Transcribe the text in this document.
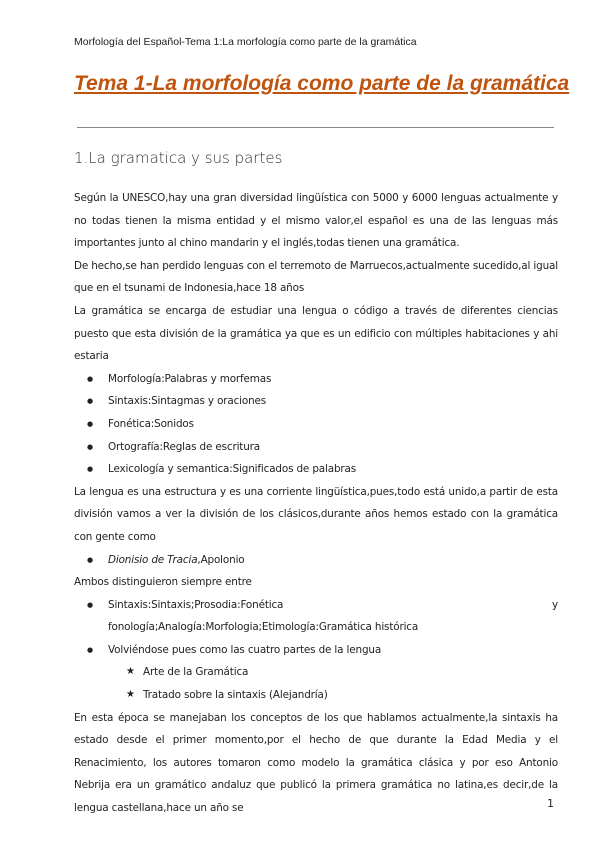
Morfología del Español-Tema 1:La morfología como parte de la gramática
Tema 1-La morfología como parte de la gramática
1.La gramatica y sus partes

Según la UNESCO,hay una gran diversidad lingüística con 5000 y 6000 lenguas actualmente y no todas tienen la misma entidad y el mismo valor,el español es una de las lenguas más importantes junto al chino mandarin y el inglés,todas tienen una gramática.

De hecho,se han perdido lenguas con el terremoto de Marruecos,actualmente sucedido,al igual que en el tsunami de Indonesia,hace 18 años

La gramática se encarga de estudiar una lengua o código a través de diferentes ciencias puesto que esta división de la gramática ya que es un edificio con múltiples habitaciones y ahi estaria

● Morfología:Palabras y morfemas
● Sintaxis:Sintagmas y oraciones
● Fonética:Sonidos
● Ortografía:Reglas de escritura
● Lexicología y semantica:Significados de palabras

La lengua es una estructura y es una corriente lingüística,pues,todo está unido,a partir de esta división vamos a ver la división de los clásicos,durante años hemos estado con la gramática con gente como

● Dionisio de Tracia,Apolonio

Ambos distinguieron siempre entre

● Sintaxis:Sintaxis;Prosodia:Fonética y fonología;Analogía:Morfologia;Etimología:Gramática histórica
● Volviéndose pues como las cuatro partes de la lengua
★ Arte de la Gramática
★ Tratado sobre la sintaxis (Alejandría)

En esta época se manejaban los conceptos de los que hablamos actualmente,la sintaxis ha estado desde el primer momento,por el hecho de que durante la Edad Media y el Renacimiento, los autores tomaron como modelo la gramática clásica y por eso Antonio Nebrija era un gramático andaluz que publicó la primera gramática no latina,es decir,de la lengua castellana,hace un año se	1
